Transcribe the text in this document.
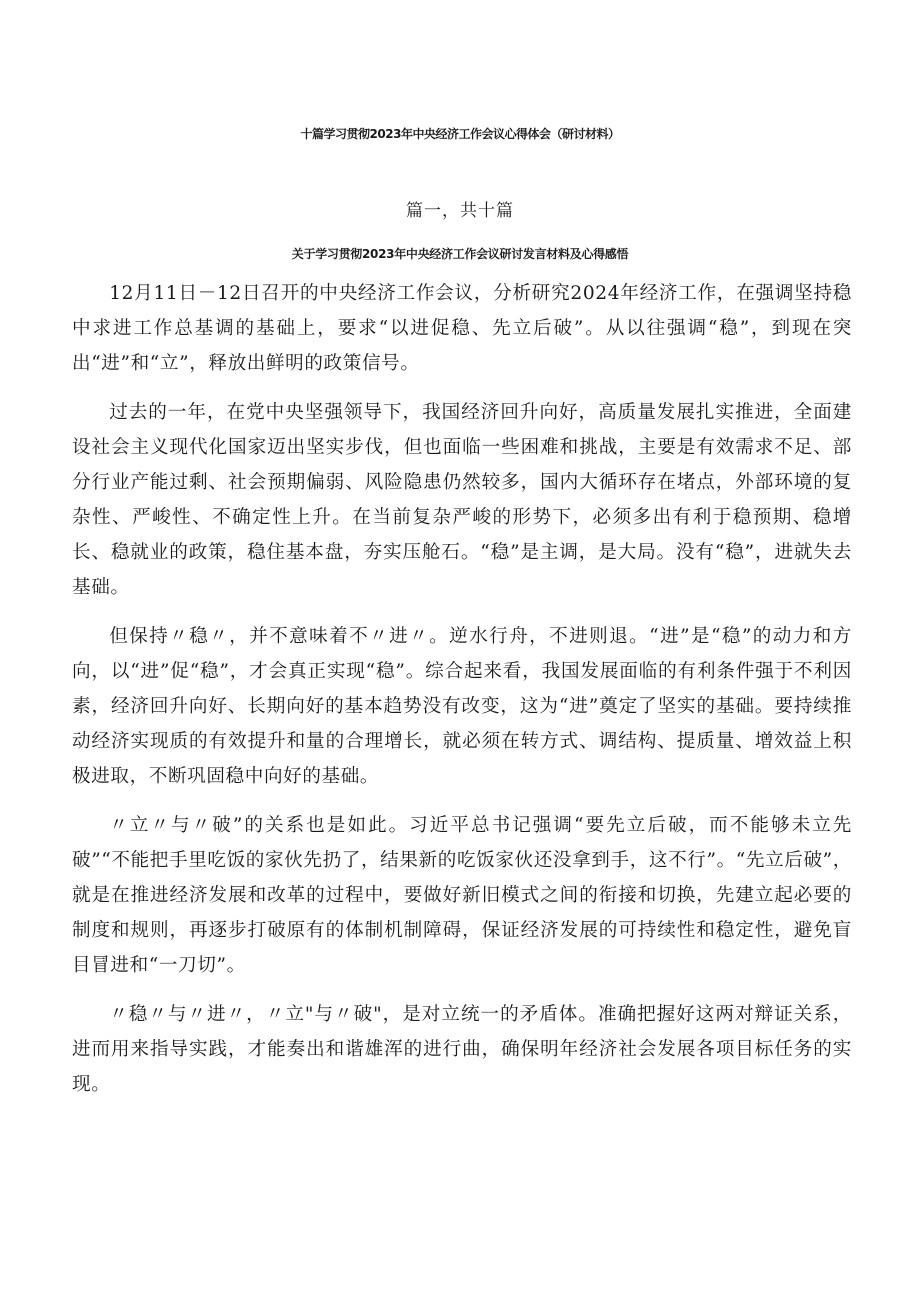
十篇学习贯彻2023年中央经济工作会议心得体会（研讨材料）
篇一，共十篇
关于学习贯彻2023年中央经济工作会议研讨发言材料及心得感悟

12月11日－12日召开的中央经济工作会议，分析研究2024年经济工作，在强调坚持稳中求进工作总基调的基础上，要求“以进促稳、先立后破”。从以往强调“稳”，到现在突出“进”和“立”，释放出鲜明的政策信号。

过去的一年，在党中央坚强领导下，我国经济回升向好，高质量发展扎实推进，全面建设社会主义现代化国家迈出坚实步伐，但也面临一些困难和挑战，主要是有效需求不足、部分行业产能过剩、社会预期偏弱、风险隐患仍然较多，国内大循环存在堵点，外部环境的复杂性、严峻性、不确定性上升。在当前复杂严峻的形势下，必须多出有利于稳预期、稳增长、稳就业的政策，稳住基本盘，夯实压舱石。“稳”是主调，是大局。没有“稳”，进就失去基础。

但保持〃稳〃，并不意味着不〃进〃。逆水行舟，不进则退。“进”是“稳”的动力和方向，以“进”促“稳”，才会真正实现“稳”。综合起来看，我国发展面临的有利条件强于不利因素，经济回升向好、长期向好的基本趋势没有改变，这为“进”奠定了坚实的基础。要持续推动经济实现质的有效提升和量的合理增长，就必须在转方式、调结构、提质量、增效益上积极进取，不断巩固稳中向好的基础。

〃立〃与〃破”的关系也是如此。习近平总书记强调“要先立后破，而不能够未立先破”“不能把手里吃饭的家伙先扔了，结果新的吃饭家伙还没拿到手，这不行”。“先立后破”，就是在推进经济发展和改革的过程中，要做好新旧模式之间的衔接和切换，先建立起必要的制度和规则，再逐步打破原有的体制机制障碍，保证经济发展的可持续性和稳定性，避免盲目冒进和“一刀切”。

〃稳〃与〃进〃，〃立"与〃破"，是对立统一的矛盾体。准确把握好这两对辩证关系，进而用来指导实践，才能奏出和谐雄浑的进行曲，确保明年经济社会发展各项目标任务的实现。
